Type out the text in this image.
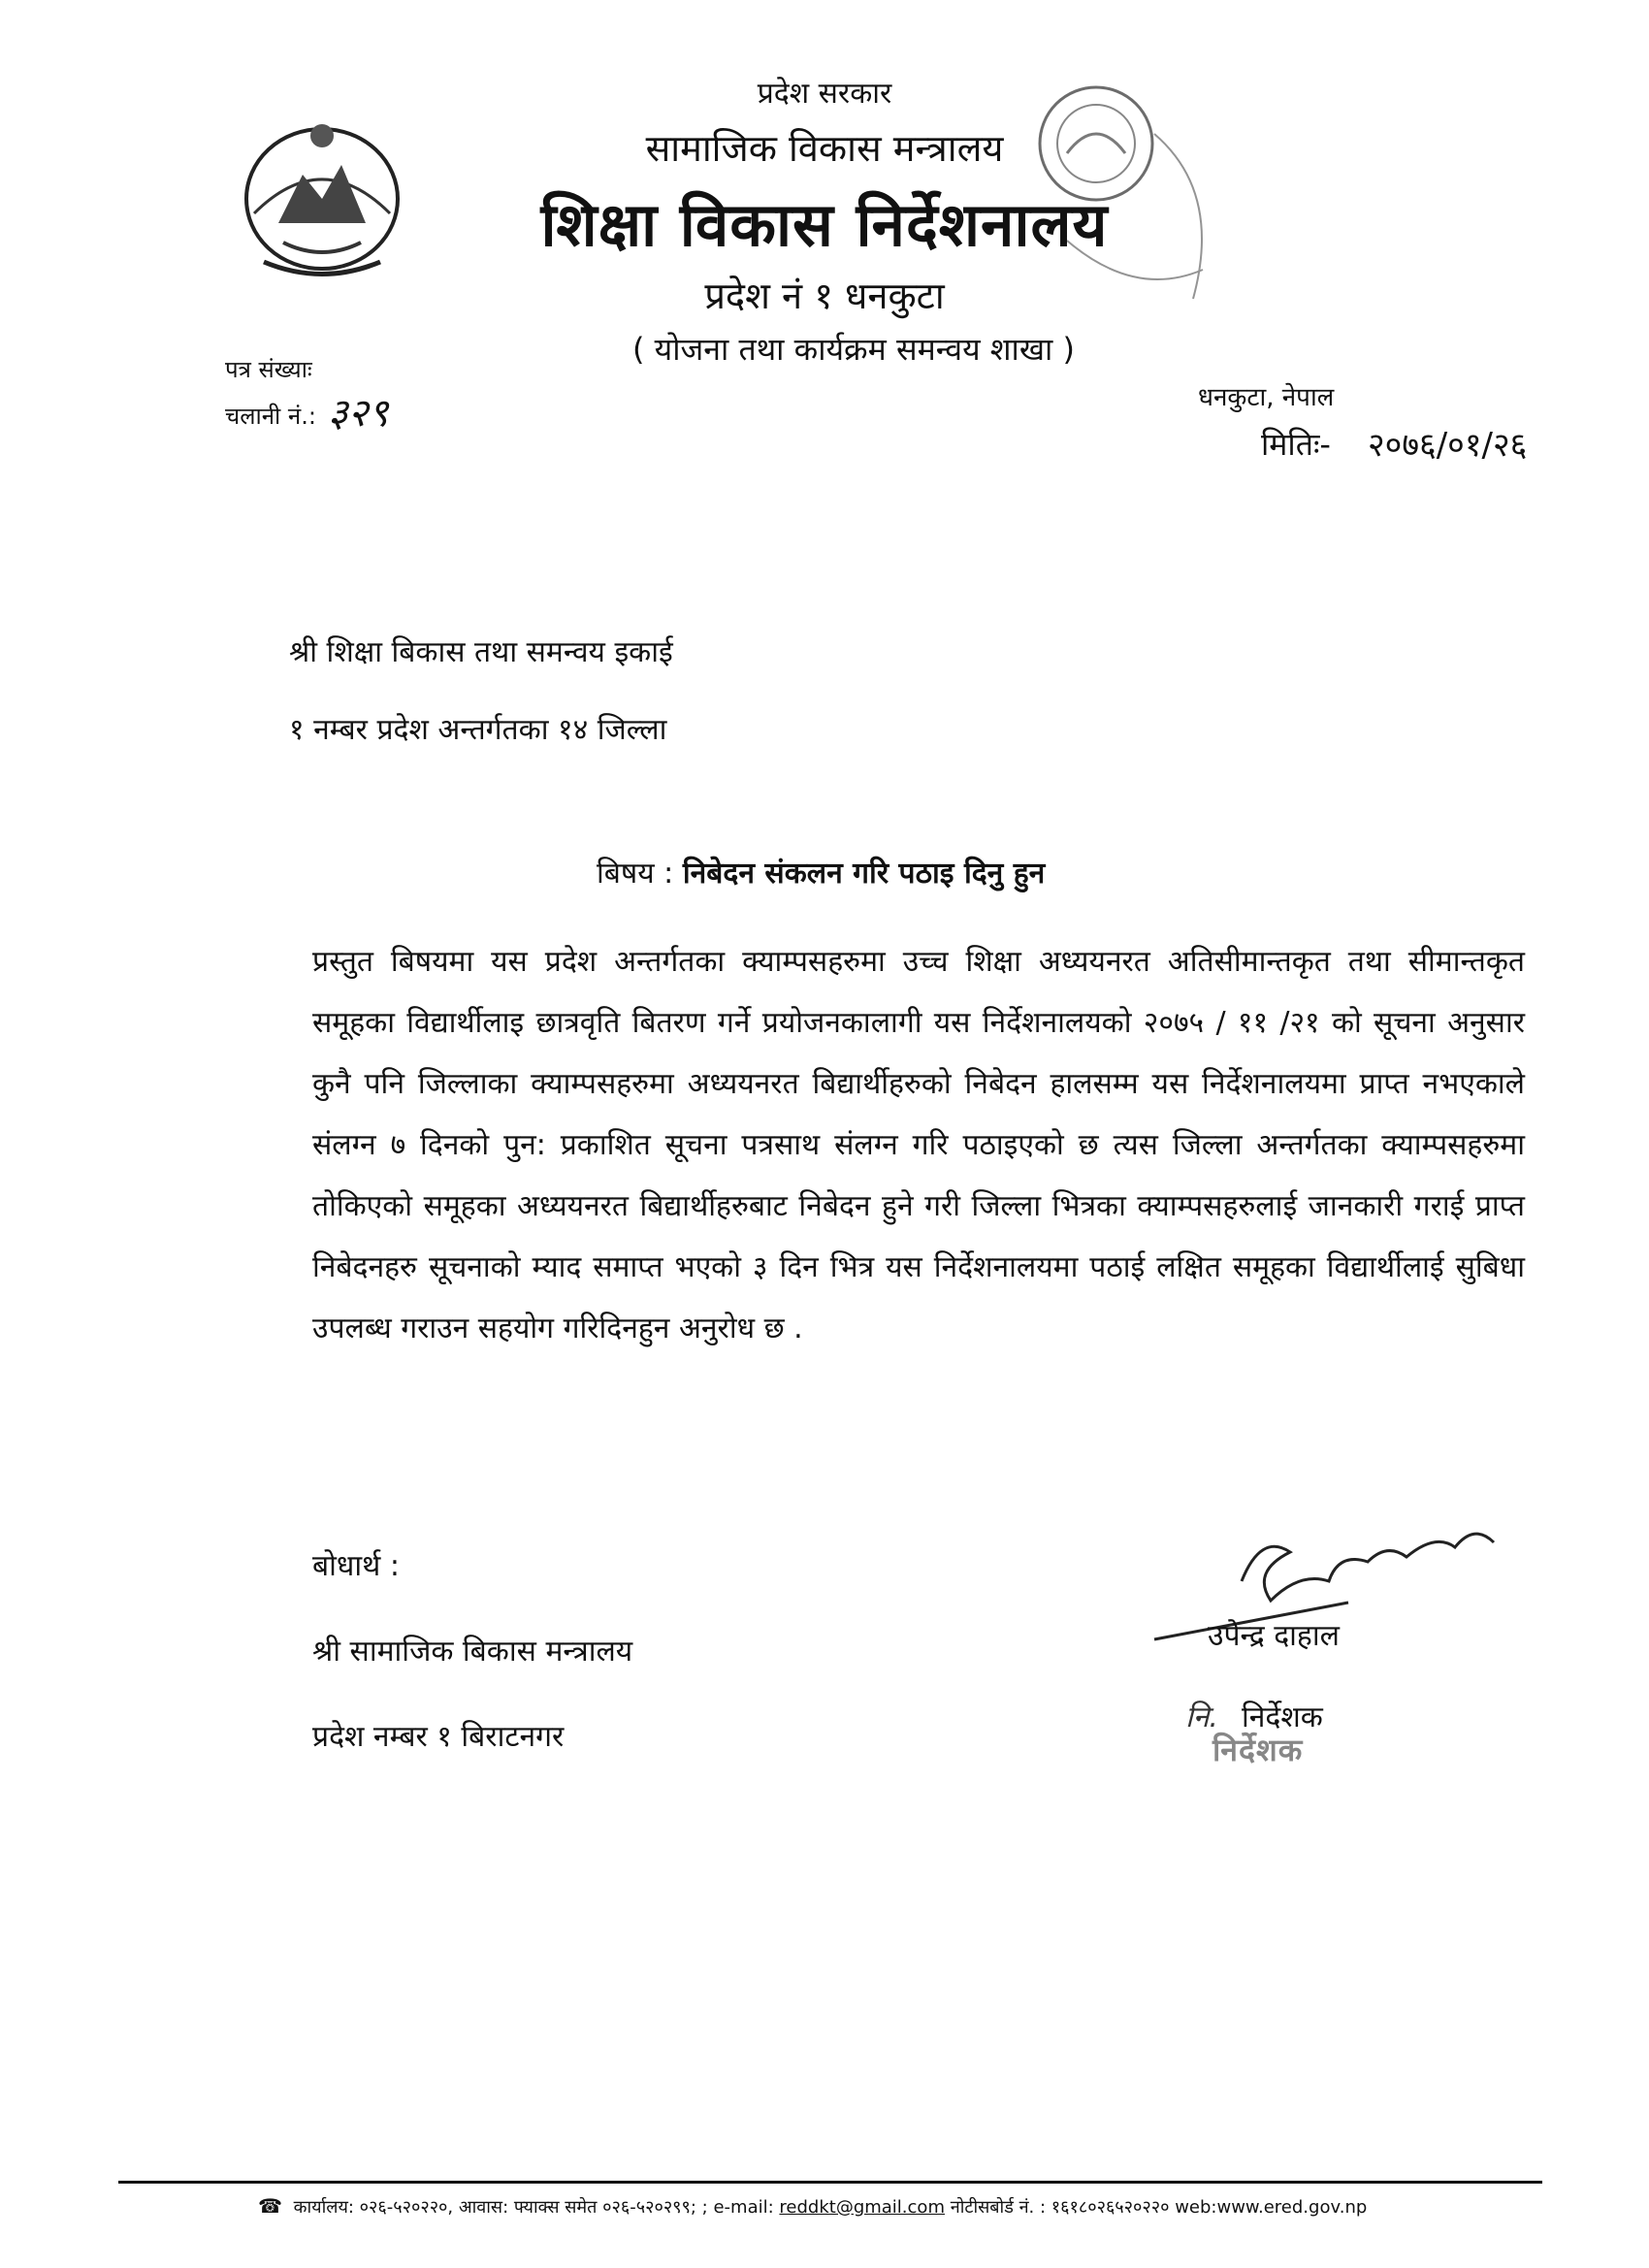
प्रदेश सरकार
सामाजिक विकास मन्त्रालय
शिक्षा विकास निर्देशनालय
प्रदेश नं १ धनकुटा
( योजना तथा कार्यक्रम समन्वय शाखा )
पत्र संख्याः
चलानी नं.: ३२९	धनकुटा, नेपाल
मितिः- २०७६/०१/२६
श्री शिक्षा बिकास तथा समन्वय इकाई
१ नम्बर प्रदेश अन्तर्गतका १४ जिल्ला
बिषय : निबेदन संकलन गरि पठाइ दिनु हुन
प्रस्तुत बिषयमा यस प्रदेश अन्तर्गतका क्याम्पसहरुमा उच्च शिक्षा अध्ययनरत अतिसीमान्तकृत तथा सीमान्तकृत समूहका विद्यार्थीलाइ छात्रवृति बितरण गर्ने प्रयोजनकालागी यस निर्देशनालयको २०७५ / ११ /२१ को सूचना अनुसार कुनै पनि जिल्लाका क्याम्पसहरुमा अध्ययनरत बिद्यार्थीहरुको निबेदन हालसम्म यस निर्देशनालयमा प्राप्त नभएकाले संलग्न ७ दिनको पुन: प्रकाशित सूचना पत्रसाथ संलग्न गरि पठाइएको छ त्यस जिल्ला अन्तर्गतका क्याम्पसहरुमा तोकिएको समूहका अध्ययनरत बिद्यार्थीहरुबाट निबेदन हुने गरी जिल्ला भित्रका क्याम्पसहरुलाई जानकारी गराई प्राप्त निबेदनहरु सूचनाको म्याद समाप्त भएको ३ दिन भित्र यस निर्देशनालयमा पठाई लक्षित समूहका विद्यार्थीलाई सुबिधा उपलब्ध गराउन सहयोग गरिदिनहुन अनुरोध छ .
बोधार्थ :
श्री सामाजिक बिकास मन्त्रालय
प्रदेश नम्बर १ बिराटनगर
उपेन्द्र दाहाल
नि. निर्देशक
निर्देशक
☎ कार्यालय: ०२६-५२०२२०, आवास: फ्याक्स समेत ०२६-५२०२९९; ; e-mail: reddkt@gmail.com नोटीसबोर्ड नं. : १६१८०२६५२०२२० web:www.ered.gov.np
